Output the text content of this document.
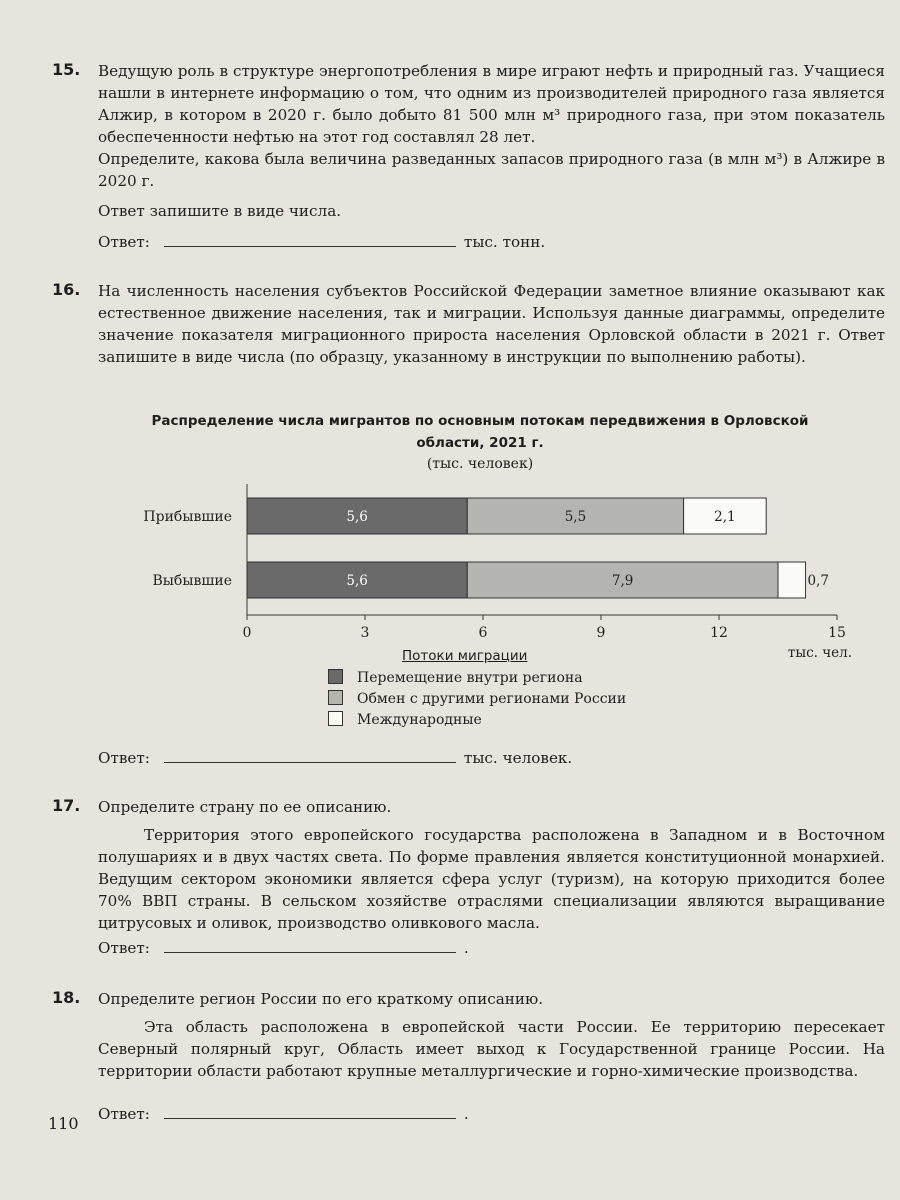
15. Ведущую роль в структуре энергопотребления в мире играют нефть и природный газ. Учащиеся нашли в интернете информацию о том, что одним из производителей природного газа является Алжир, в котором в 2020 г. было добыто 81 500 млн м³ природного газа, при этом показатель обеспеченности нефтью на этот год составлял 28 лет.
Определите, какова была величина разведанных запасов природного газа (в млн м³) в Алжире в 2020 г.
Ответ запишите в виде числа.
Ответ:	тыс. тонн.
16. На численность населения субъектов Российской Федерации заметное влияние оказывают как естественное движение населения, так и миграции. Используя данные диаграммы, определите значение показателя миграционного прироста населения Орловской области в 2021 г. Ответ запишите в виде числа (по образцу, указанному в инструкции по выполнению работы).
Распределение числа мигрантов по основным потокам передвижения в Орловской области, 2021 г.
(тыс. человек)
5,6	5,5	2,1
5,6	7,9	0,7
Прибывшие
Выбывшие
0	3	6	9	12	15
тыс. чел.
Потоки миграции
Перемещение внутри региона
Обмен с другими регионами России
Международные
Ответ:	тыс. человек.
17. Определите страну по ее описанию.
Территория этого европейского государства расположена в Западном и в Восточном полушариях и в двух частях света. По форме правления является конституционной монархией. Ведущим сектором экономики является сфера услуг (туризм), на которую приходится более 70% ВВП страны. В сельском хозяйстве отраслями специализации являются выращивание цитрусовых и оливок, производство оливкового масла.
Ответ:	.
18. Определите регион России по его краткому описанию.
Эта область расположена в европейской части России. Ее территорию пересекает Северный полярный круг, Область имеет выход к Государственной границе России. На территории области работают крупные металлургические и горно-химические производства.
Ответ:	.
110
